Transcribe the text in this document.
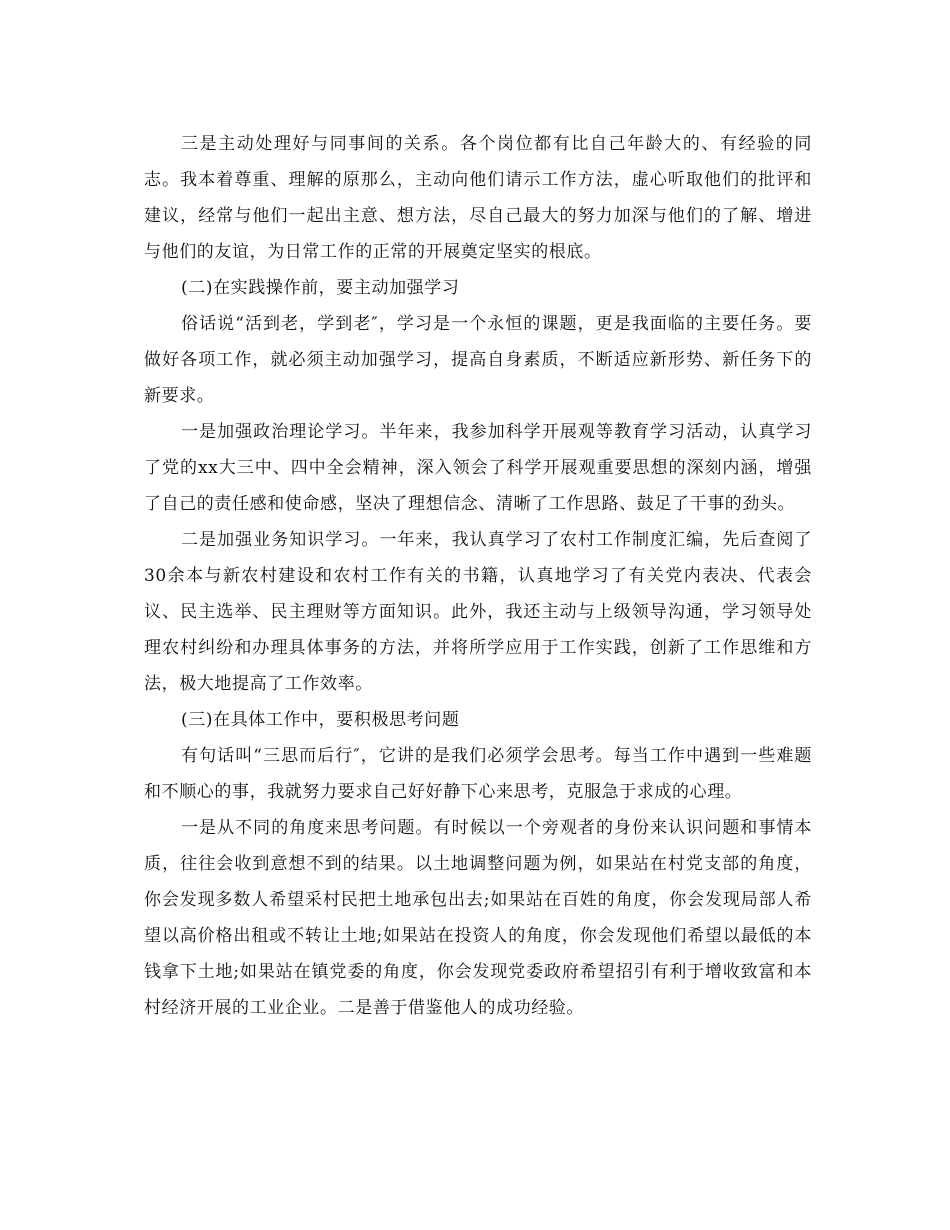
三是主动处理好与同事间的关系。各个岗位都有比自己年龄大的、有经验的同志。我本着尊重、理解的原那么，主动向他们请示工作方法，虚心听取他们的批评和建议，经常与他们一起出主意、想方法，尽自己最大的努力加深与他们的了解、增进与他们的友谊，为日常工作的正常的开展奠定坚实的根底。

(二)在实践操作前，要主动加强学习

俗话说“活到老，学到老″，学习是一个永恒的课题，更是我面临的主要任务。要做好各项工作，就必须主动加强学习，提高自身素质，不断适应新形势、新任务下的新要求。

一是加强政治理论学习。半年来，我参加科学开展观等教育学习活动，认真学习了党的xx大三中、四中全会精神，深入领会了科学开展观重要思想的深刻内涵，增强了自己的责任感和使命感，坚决了理想信念、清晰了工作思路、鼓足了干事的劲头。

二是加强业务知识学习。一年来，我认真学习了农村工作制度汇编，先后查阅了30余本与新农村建设和农村工作有关的书籍，认真地学习了有关党内表决、代表会议、民主选举、民主理财等方面知识。此外，我还主动与上级领导沟通，学习领导处理农村纠纷和办理具体事务的方法，并将所学应用于工作实践，创新了工作思维和方法，极大地提高了工作效率。

(三)在具体工作中，要积极思考问题

有句话叫“三思而后行″，它讲的是我们必须学会思考。每当工作中遇到一些难题和不顺心的事，我就努力要求自己好好静下心来思考，克服急于求成的心理。

一是从不同的角度来思考问题。有时候以一个旁观者的身份来认识问题和事情本质，往往会收到意想不到的结果。以土地调整问题为例，如果站在村党支部的角度，你会发现多数人希望采村民把土地承包出去;如果站在百姓的角度，你会发现局部人希望以高价格出租或不转让土地;如果站在投资人的角度，你会发现他们希望以最低的本钱拿下土地;如果站在镇党委的角度，你会发现党委政府希望招引有利于增收致富和本村经济开展的工业企业。二是善于借鉴他人的成功经验。
